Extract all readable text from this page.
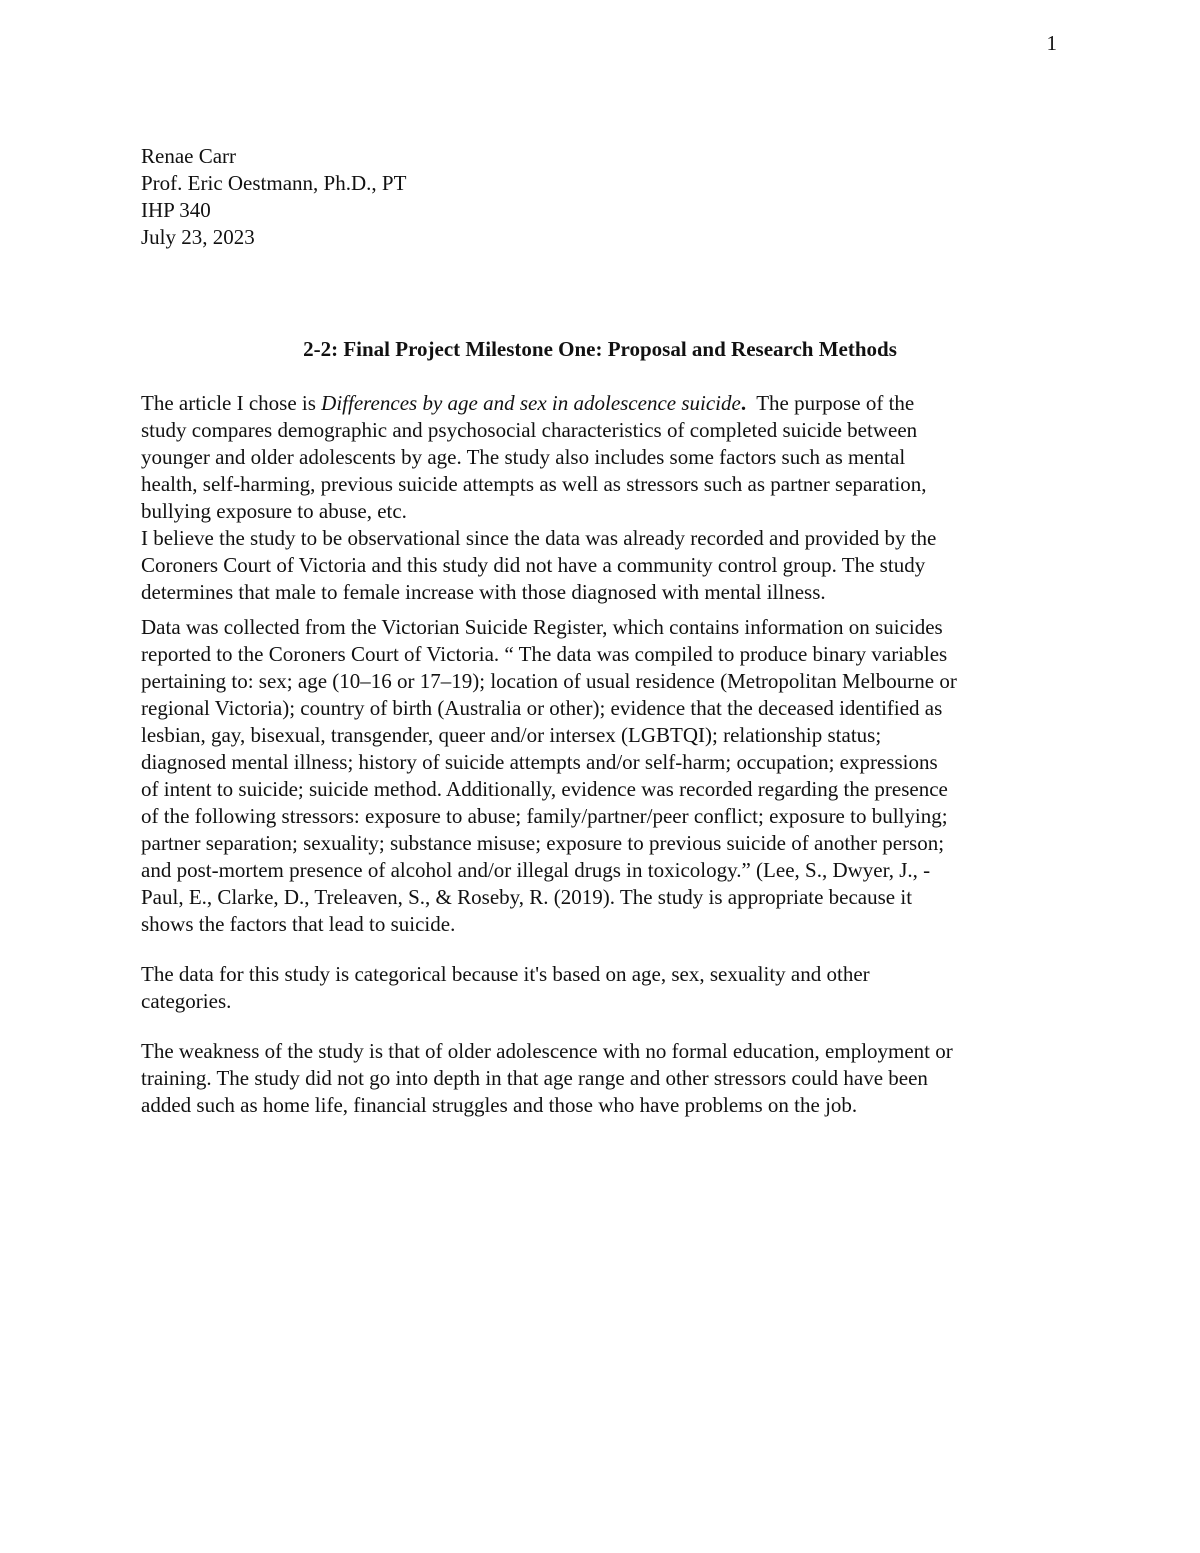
1
Renae Carr
Prof. Eric Oestmann, Ph.D., PT
IHP 340
July 23, 2023
2-2: Final Project Milestone One: Proposal and Research Methods
The article I chose is Differences by age and sex in adolescence suicide.  The purpose of the
study compares demographic and psychosocial characteristics of completed suicide between
younger and older adolescents by age. The study also includes some factors such as mental
health, self-harming, previous suicide attempts as well as stressors such as partner separation,
bullying exposure to abuse, etc.
I believe the study to be observational since the data was already recorded and provided by the
Coroners Court of Victoria and this study did not have a community control group. The study
determines that male to female increase with those diagnosed with mental illness.
Data was collected from the Victorian Suicide Register, which contains information on suicides
reported to the Coroners Court of Victoria. “ The data was compiled to produce binary variables
pertaining to: sex; age (10–16 or 17–19); location of usual residence (Metropolitan Melbourne or
regional Victoria); country of birth (Australia or other); evidence that the deceased identified as
lesbian, gay, bisexual, transgender, queer and/or intersex (LGBTQI); relationship status;
diagnosed mental illness; history of suicide attempts and/or self-harm; occupation; expressions
of intent to suicide; suicide method. Additionally, evidence was recorded regarding the presence
of the following stressors: exposure to abuse; family/partner/peer conflict; exposure to bullying;
partner separation; sexuality; substance misuse; exposure to previous suicide of another person;
and post-mortem presence of alcohol and/or illegal drugs in toxicology.” (Lee, S., Dwyer, J., -
Paul, E., Clarke, D., Treleaven, S., & Roseby, R. (2019). The study is appropriate because it
shows the factors that lead to suicide.
The data for this study is categorical because it's based on age, sex, sexuality and other
categories.
The weakness of the study is that of older adolescence with no formal education, employment or
training. The study did not go into depth in that age range and other stressors could have been
added such as home life, financial struggles and those who have problems on the job.
